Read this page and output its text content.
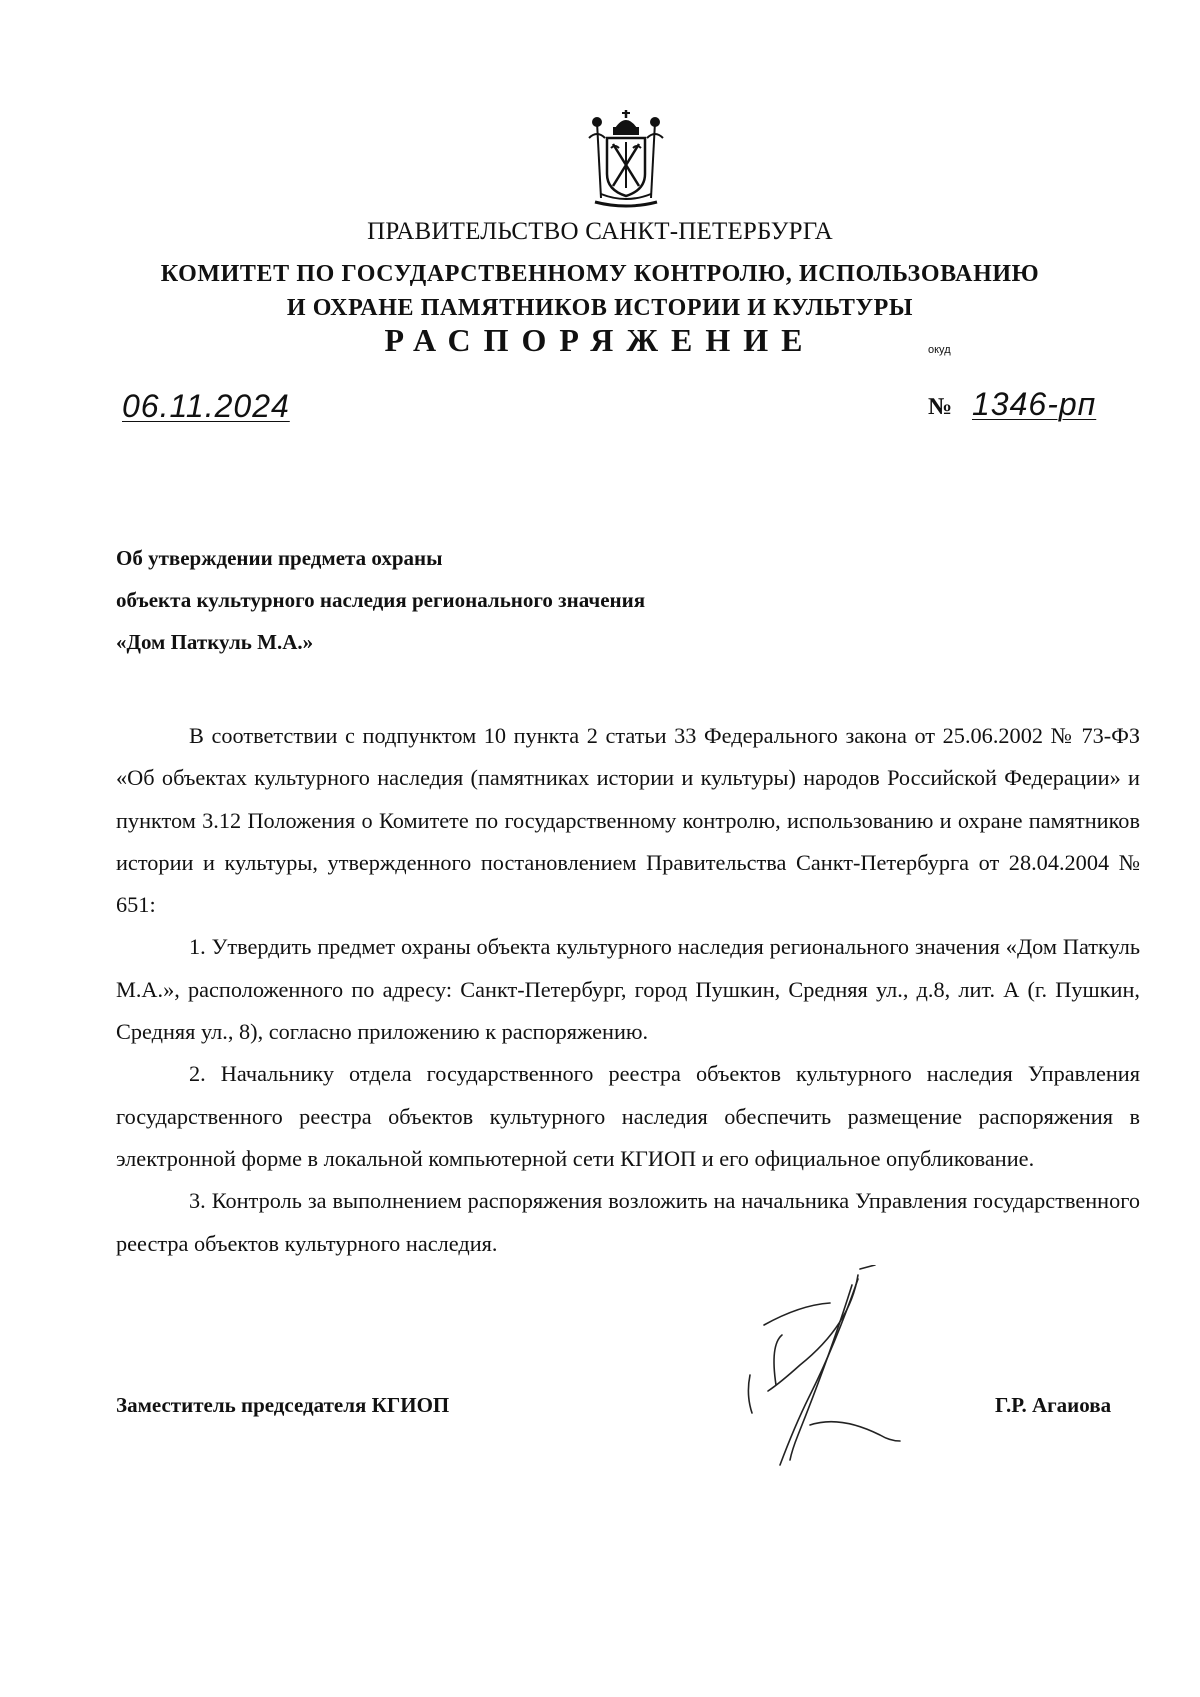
ПРАВИТЕЛЬСТВО САНКТ-ПЕТЕРБУРГА
КОМИТЕТ ПО ГОСУДАРСТВЕННОМУ КОНТРОЛЮ, ИСПОЛЬЗОВАНИЮ
И ОХРАНЕ ПАМЯТНИКОВ ИСТОРИИ И КУЛЬТУРЫ
РАСПОРЯЖЕНИЕ	окуд
06.11.2024	№ 1346-рп
Об утверждении предмета охраны
объекта культурного наследия регионального значения
«Дом Паткуль М.А.»

В соответствии с подпунктом 10 пункта 2 статьи 33 Федерального закона от 25.06.2002 № 73-ФЗ «Об объектах культурного наследия (памятниках истории и культуры) народов Российской Федерации» и пунктом 3.12 Положения о Комитете по государственному контролю, использованию и охране памятников истории и культуры, утвержденного постановлением Правительства Санкт-Петербурга от 28.04.2004 № 651:

1. Утвердить предмет охраны объекта культурного наследия регионального значения «Дом Паткуль М.А.», расположенного по адресу: Санкт-Петербург, город Пушкин, Средняя ул., д.8, лит. А (г. Пушкин, Средняя ул., 8), согласно приложению к распоряжению.

2. Начальнику отдела государственного реестра объектов культурного наследия Управления государственного реестра объектов культурного наследия обеспечить размещение распоряжения в электронной форме в локальной компьютерной сети КГИОП и его официальное опубликование.

3. Контроль за выполнением распоряжения возложить на начальника Управления государственного реестра объектов культурного наследия.

Заместитель председателя КГИОП	Г.Р. Агаиова
